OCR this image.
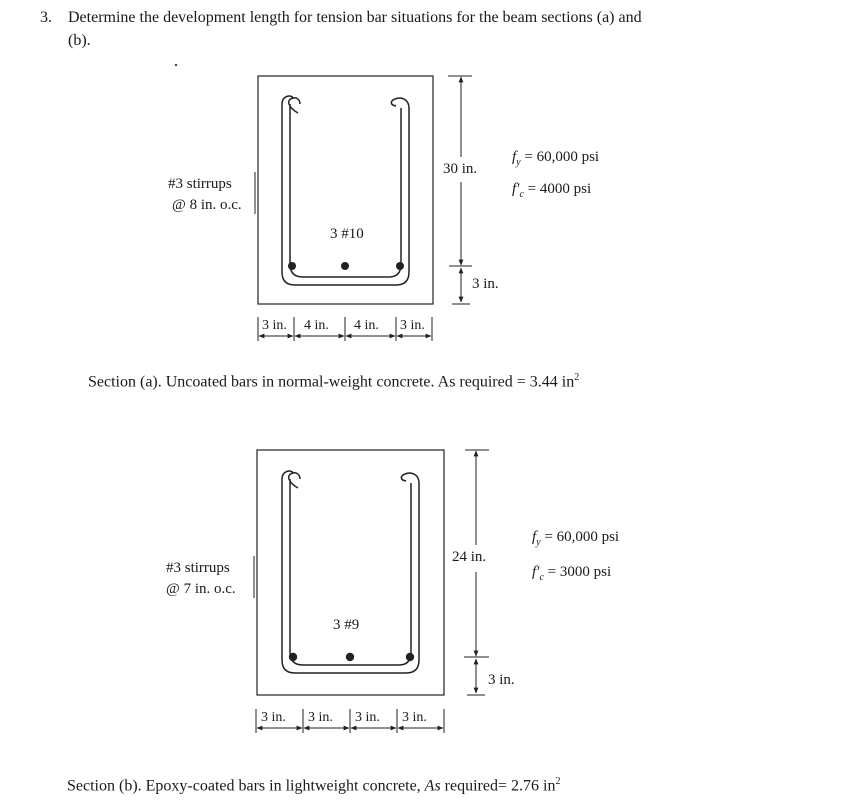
3. Determine the development length for tension bar situations for the beam sections (a) and
(b).
#3 stirrups
@ 8 in. o.c.
3 #10
30 in.
3 in.
$f_y = 60,000$ psi
$f'_c = 4000$ psi
3 in. 4 in. 4 in. 3 in.
Section (a). Uncoated bars in normal-weight concrete. As required = 3.44 $in^2$
#3 stirrups
@ 7 in. o.c.
3 #9
24 in.
3 in.
$f_y = 60,000$ psi
$f'_c = 3000$ psi
3 in. 3 in. 3 in. 3 in.
Section (b). Epoxy-coated bars in lightweight concrete, As required= 2.76 $in^2$
